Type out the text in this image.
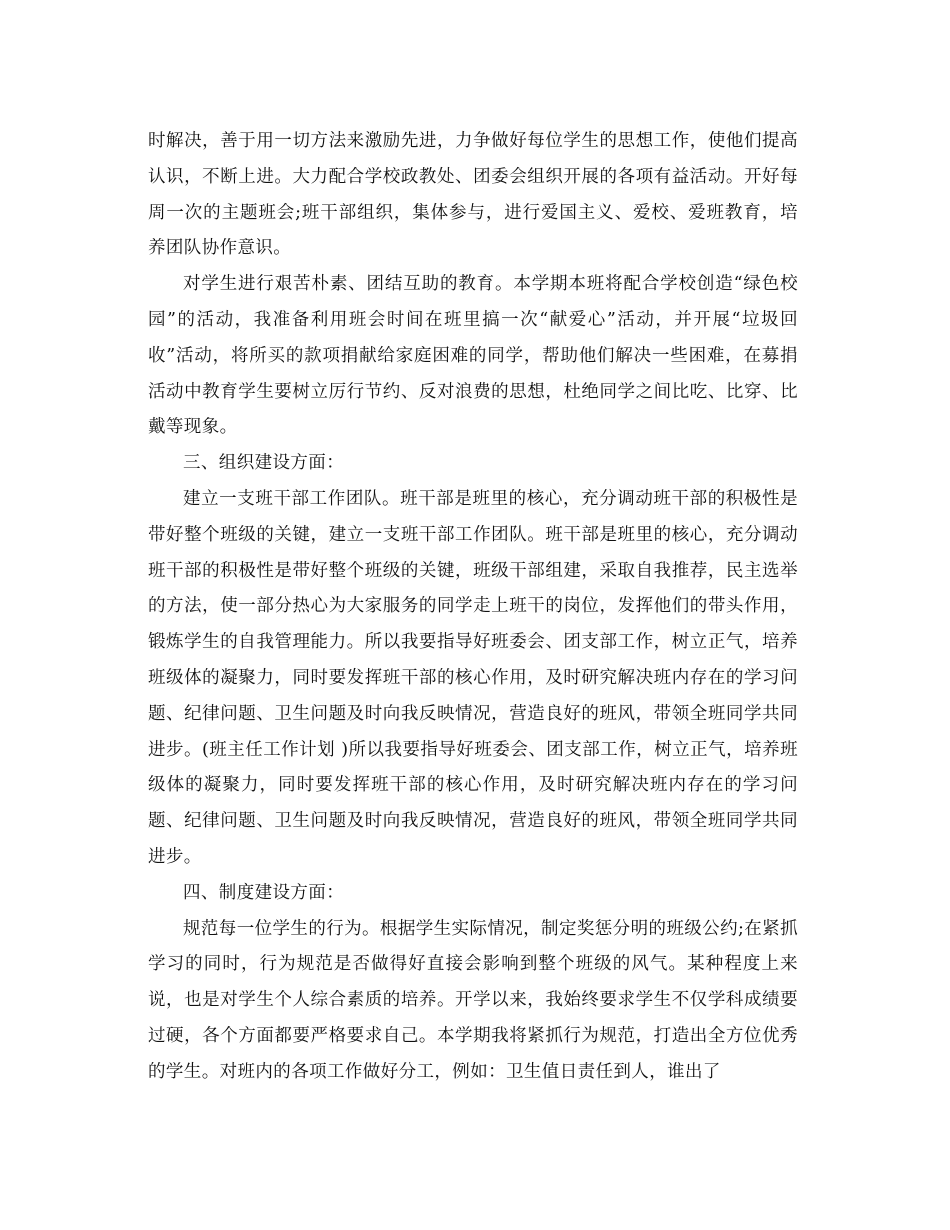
时解决，善于用一切方法来激励先进，力争做好每位学生的思想工作，使他们提高认识，不断上进。大力配合学校政教处、团委会组织开展的各项有益活动。开好每周一次的主题班会;班干部组织，集体参与，进行爱国主义、爱校、爱班教育，培养团队协作意识。

对学生进行艰苦朴素、团结互助的教育。本学期本班将配合学校创造“绿色校园”的活动，我准备利用班会时间在班里搞一次“献爱心”活动，并开展“垃圾回收”活动，将所买的款项捐献给家庭困难的同学，帮助他们解决一些困难，在募捐活动中教育学生要树立厉行节约、反对浪费的思想，杜绝同学之间比吃、比穿、比戴等现象。

三、组织建设方面：

建立一支班干部工作团队。班干部是班里的核心，充分调动班干部的积极性是带好整个班级的关键，建立一支班干部工作团队。班干部是班里的核心，充分调动班干部的积极性是带好整个班级的关键，班级干部组建，采取自我推荐，民主选举的方法，使一部分热心为大家服务的同学走上班干的岗位，发挥他们的带头作用，锻炼学生的自我管理能力。所以我要指导好班委会、团支部工作，树立正气，培养班级体的凝聚力，同时要发挥班干部的核心作用，及时研究解决班内存在的学习问题、纪律问题、卫生问题及时向我反映情况，营造良好的班风，带领全班同学共同进步。(班主任工作计划 )所以我要指导好班委会、团支部工作，树立正气，培养班级体的凝聚力，同时要发挥班干部的核心作用，及时研究解决班内存在的学习问题、纪律问题、卫生问题及时向我反映情况，营造良好的班风，带领全班同学共同进步。

四、制度建设方面：

规范每一位学生的行为。根据学生实际情况，制定奖惩分明的班级公约;在紧抓学习的同时，行为规范是否做得好直接会影响到整个班级的风气。某种程度上来说，也是对学生个人综合素质的培养。开学以来，我始终要求学生不仅学科成绩要过硬，各个方面都要严格要求自己。本学期我将紧抓行为规范，打造出全方位优秀的学生。对班内的各项工作做好分工，例如：卫生值日责任到人，谁出了
